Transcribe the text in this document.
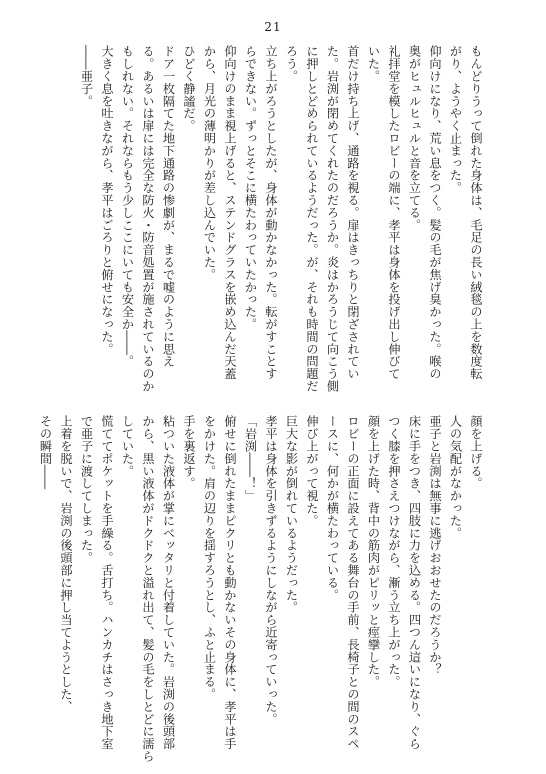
21
もんどりうって倒れた身体は、毛足の長い絨毯の上を数度転
がり、ようやく止まった。
仰向けになり、荒い息をつく。髪の毛が焦げ臭かった。喉の
奥がヒュルヒュルと音を立てる。
礼拝堂を模したロビーの端に、孝平は身体を投げ出し伸びて
いた。
首だけ持ち上げ、通路を視る。扉はきっちりと閉ざされてい
た。岩渕が閉めてくれたのだろうか。炎はかろうじて向こう側
に押しとどめられているようだった。が、それも時間の問題だ
ろう。
立ち上がろうとしたが、身体が動かなかった。転がすことす
らできない。ずっとそこに横たわっていたかった。
仰向けのまま視上げると、ステンドグラスを嵌め込んだ天蓋
から、月光の薄明かりが差し込んでいた。
ひどく静謐だ。
ドア一枚隔てた地下通路の惨劇が、まるで嘘のように思え
る。あるいは扉には完全な防火・防音処置が施されているのか
もしれない。それならもう少しここにいても安全か――。
大きく息を吐きながら、孝平はごろりと俯せになった。
――亜子。
顔を上げる。
人の気配がなかった。
亜子と岩渕は無事に逃げおおせたのだろうか？
床に手をつき、四肢に力を込める。四つん這いになり、ぐら
つく膝を押さえつけながら、漸う立ち上がった。
顔を上げた時、背中の筋肉がピリッと痙攣した。
ロビーの正面に設えてある舞台の手前、長椅子との間のスペ
ースに、何かが横たわっている。
伸び上がって視た。
巨大な影が倒れているようだった。
孝平は身体を引きずるようにしながら近寄っていった。
「岩渕――！」
俯せに倒れたままピクリとも動かないその身体に、孝平は手
をかけた。肩の辺りを揺すろうとし、ふと止まる。
手を裏返す。
粘ついた液体が掌にベッタリと付着していた。岩渕の後頭部
から、黒い液体がドクドクと溢れ出て、髪の毛をしとどに濡ら
していた。
慌ててポケットを手繰る。舌打ち。ハンカチはさっき地下室
で亜子に渡してしまった。
上着を脱いで、岩渕の後頭部に押し当てようとした、
その瞬間――
